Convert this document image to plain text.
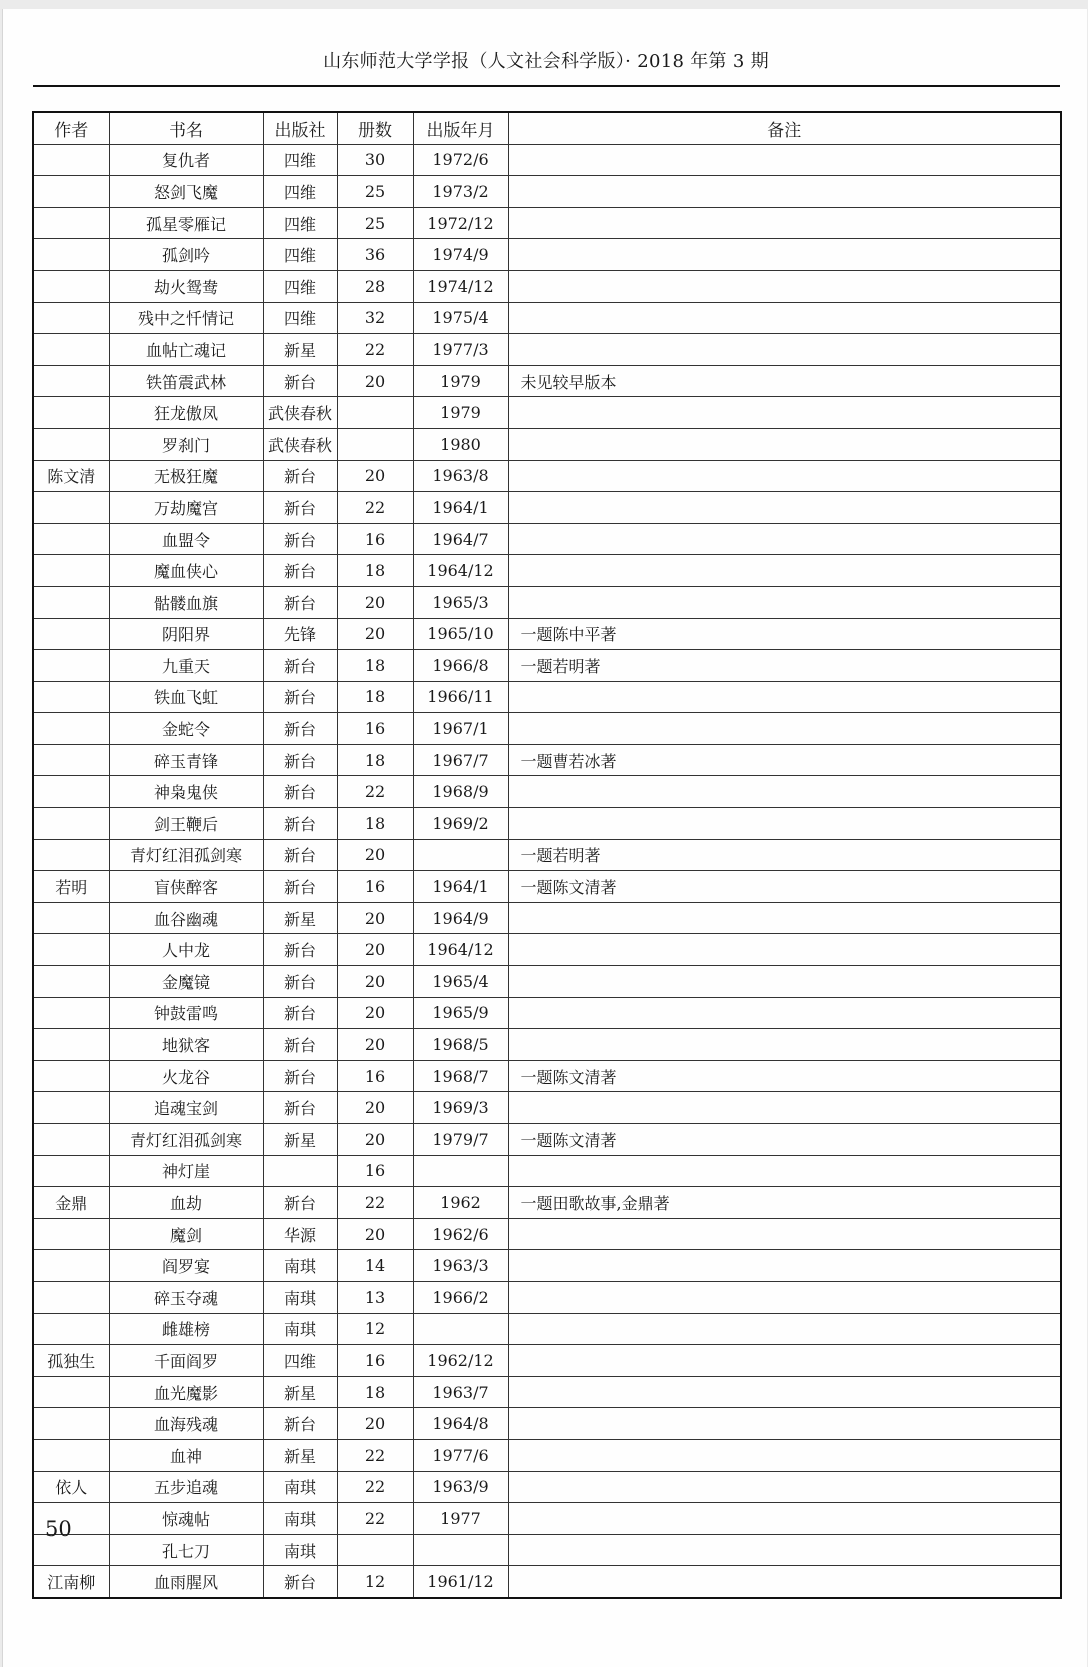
山东师范大学学报（人文社会科学版）· 2018 年第 3 期
作者	书名	出版社	册数	出版年月	备注
	复仇者	四维	30	1972/6	
	怒剑飞魔	四维	25	1973/2	
	孤星零雁记	四维	25	1972/12	
	孤剑吟	四维	36	1974/9	
	劫火鸳鸯	四维	28	1974/12	
	残中之忏情记	四维	32	1975/4	
	血帖亡魂记	新星	22	1977/3	
	铁笛震武林	新台	20	1979	未见较早版本
	狂龙傲凤	武侠春秋		1979	
	罗刹门	武侠春秋		1980	
陈文清	无极狂魔	新台	20	1963/8	
	万劫魔宫	新台	22	1964/1	
	血盟令	新台	16	1964/7	
	魔血侠心	新台	18	1964/12	
	骷髅血旗	新台	20	1965/3	
	阴阳界	先锋	20	1965/10	一题陈中平著
	九重天	新台	18	1966/8	一题若明著
	铁血飞虹	新台	18	1966/11	
	金蛇令	新台	16	1967/1	
	碎玉青锋	新台	18	1967/7	一题曹若冰著
	神枭鬼侠	新台	22	1968/9	
	剑王鞭后	新台	18	1969/2	
	青灯红泪孤剑寒	新台	20		一题若明著
若明	盲侠醉客	新台	16	1964/1	一题陈文清著
	血谷幽魂	新星	20	1964/9	
	人中龙	新台	20	1964/12	
	金魔镜	新台	20	1965/4	
	钟鼓雷鸣	新台	20	1965/9	
	地狱客	新台	20	1968/5	
	火龙谷	新台	16	1968/7	一题陈文清著
	追魂宝剑	新台	20	1969/3	
	青灯红泪孤剑寒	新星	20	1979/7	一题陈文清著
	神灯崖		16		
金鼎	血劫	新台	22	1962	一题田歌故事,金鼎著
	魔剑	华源	20	1962/6	
	阎罗宴	南琪	14	1963/3	
	碎玉夺魂	南琪	13	1966/2	
	雌雄榜	南琪	12		
孤独生	千面阎罗	四维	16	1962/12	
	血光魔影	新星	18	1963/7	
	血海残魂	新台	20	1964/8	
	血神	新星	22	1977/6	
依人	五步追魂	南琪	22	1963/9	
	惊魂帖	南琪	22	1977	
	孔七刀	南琪			
江南柳	血雨腥风	新台	12	1961/12	
50
